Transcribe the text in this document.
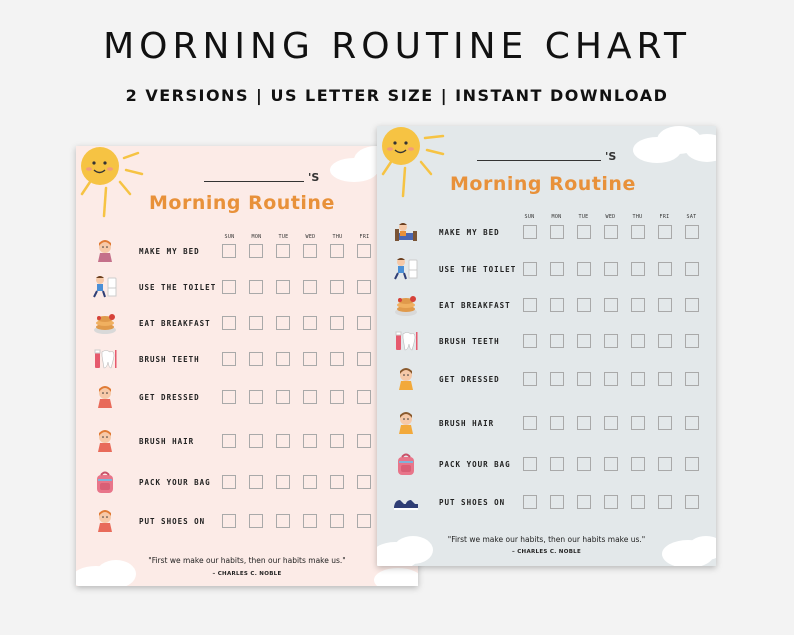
MORNING ROUTINE CHART
2 VERSIONS | US LETTER SIZE | INSTANT DOWNLOAD
'S
Morning Routine
SUN	MON	TUE	WED	THU	FRI
MAKE MY BED
USE THE TOILET
EAT BREAKFAST
BRUSH TEETH
GET DRESSED
BRUSH HAIR
PACK YOUR BAG
PUT SHOES ON
"First we make our habits, then our habits make us."
– CHARLES C. NOBLE
'S
Morning Routine
SUN	MON	TUE	WED	THU	FRI	SAT
MAKE MY BED
USE THE TOILET
EAT BREAKFAST
BRUSH TEETH
GET DRESSED
BRUSH HAIR
PACK YOUR BAG
PUT SHOES ON
"First we make our habits, then our habits make us."
– CHARLES C. NOBLE
